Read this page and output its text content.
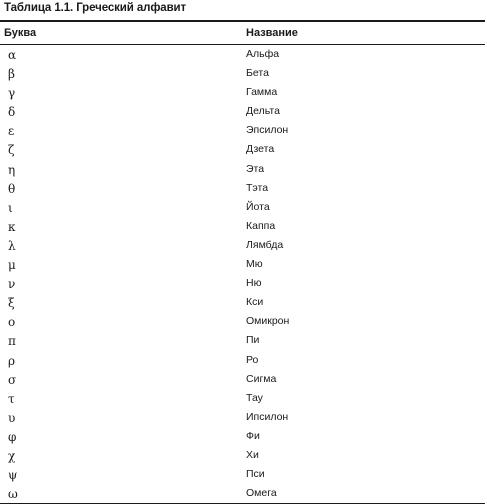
Таблица 1.1. Греческий алфавит
Буква	Название
α	Альфа
β	Бета
γ	Гамма
δ	Дельта
ε	Эпсилон
ζ	Дзета
η	Эта
θ	Тэта
ι	Йота
κ	Каппа
λ	Лямбда
μ	Мю
ν	Ню
ξ	Кси
ο	Омикрон
π	Пи
ρ	Ро
σ	Сигма
τ	Тау
υ	Ипсилон
φ	Фи
χ	Хи
ψ	Пси
ω	Омега
